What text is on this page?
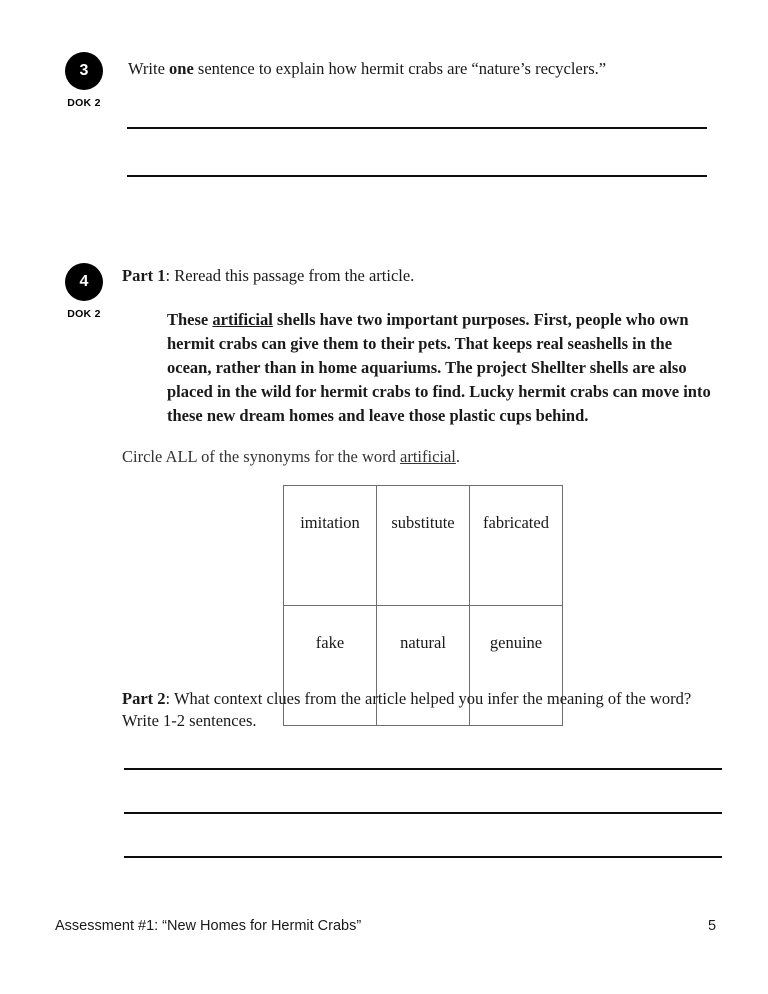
3
DOK 2
Write one sentence to explain how hermit crabs are “nature’s recyclers.”
4
DOK 2
Part 1: Reread this passage from the article.
These artificial shells have two important purposes. First, people who own hermit crabs can give them to their pets. That keeps real seashells in the ocean, rather than in home aquariums. The project Shellter shells are also placed in the wild for hermit crabs to find. Lucky hermit crabs can move into these new dream homes and leave those plastic cups behind.
Circle ALL of the synonyms for the word artificial.
imitation	substitute	fabricated
fake	natural	genuine
Part 2: What context clues from the article helped you infer the meaning of the word? Write 1-2 sentences.
Assessment #1: “New Homes for Hermit Crabs”	5
